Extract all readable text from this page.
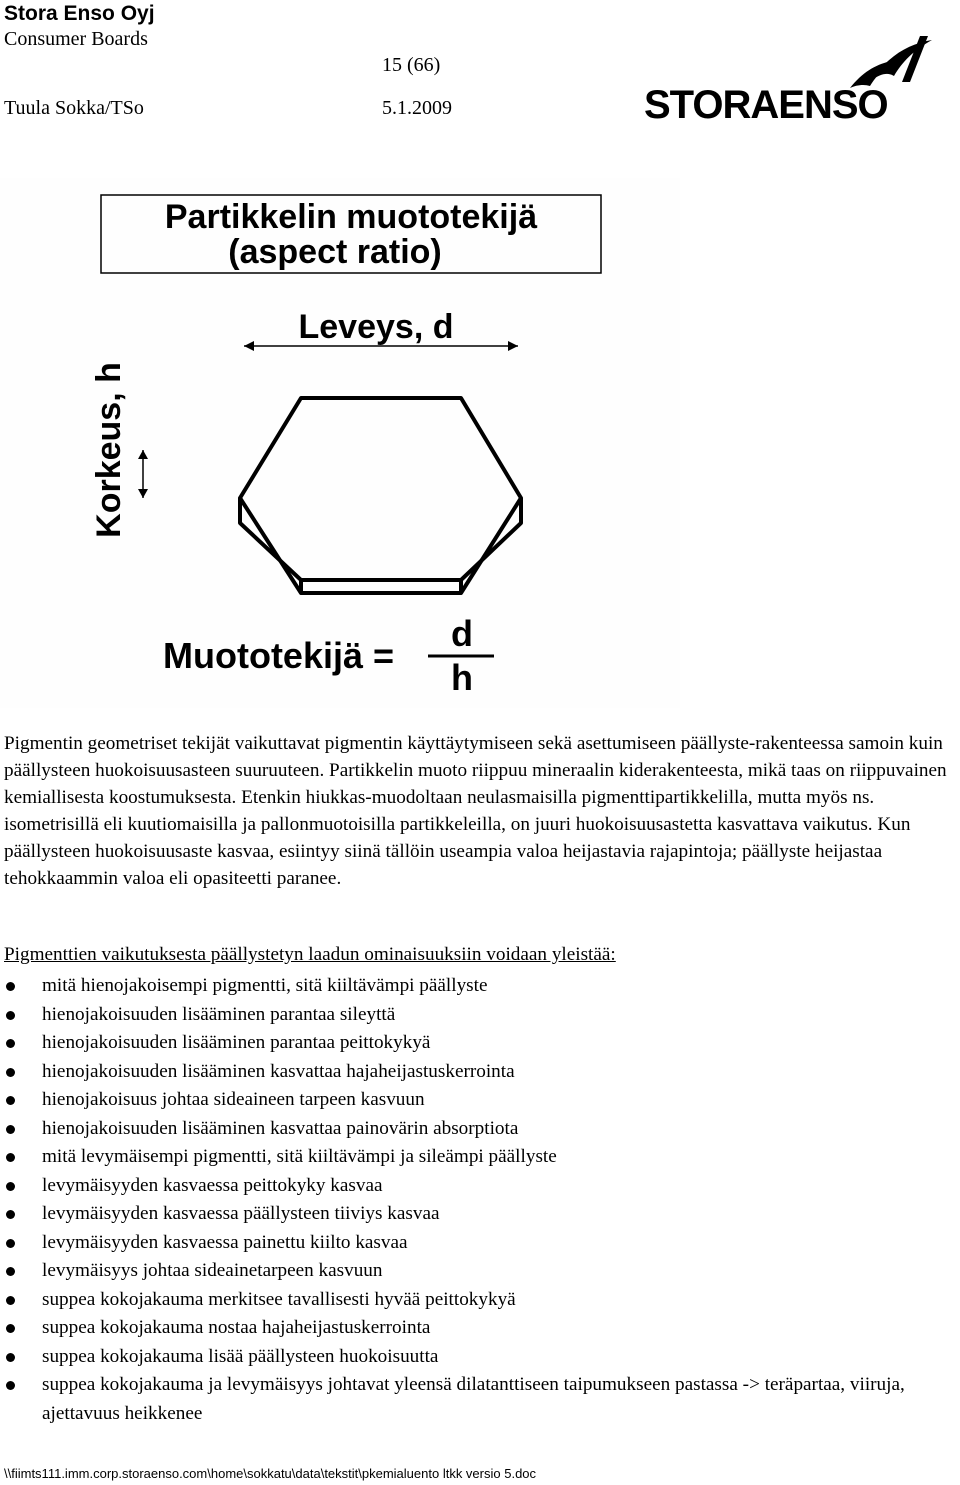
Stora Enso Oyj
Consumer Boards
15 (66)
Tuula Sokka/TSo	5.1.2009	STORAENSO
Partikkelin muototekijä
(aspect ratio)
Leveys, d
Korkeus, h
Muototekijä =
d
h

Pigmentin geometriset tekijät vaikuttavat pigmentin käyttäytymiseen sekä asettumiseen päällyste-rakenteessa samoin kuin päällysteen huokoisuusasteen suuruuteen. Partikkelin muoto riippuu mineraalin kiderakenteesta, mikä taas on riippuvainen kemiallisesta koostumuksesta. Etenkin hiukkas-muodoltaan neulasmaisilla pigmenttipartikkelilla, mutta myös ns. isometrisillä eli kuutiomaisilla ja pallonmuotoisilla partikkeleilla, on juuri huokoisuusastetta kasvattava vaikutus. Kun päällysteen huokoisuusaste kasvaa, esiintyy siinä tällöin useampia valoa heijastavia rajapintoja; päällyste heijastaa tehokkaammin valoa eli opasiteetti paranee.

Pigmenttien vaikutuksesta päällystetyn laadun ominaisuuksiin voidaan yleistää:
mitä hienojakoisempi pigmentti, sitä kiiltävämpi päällyste
hienojakoisuuden lisääminen parantaa sileyttä
hienojakoisuuden lisääminen parantaa peittokykyä
hienojakoisuuden lisääminen kasvattaa hajaheijastuskerrointa
hienojakoisuus johtaa sideaineen tarpeen kasvuun
hienojakoisuuden lisääminen kasvattaa painovärin absorptiota
mitä levymäisempi pigmentti, sitä kiiltävämpi ja sileämpi päällyste
levymäisyyden kasvaessa peittokyky kasvaa
levymäisyyden kasvaessa päällysteen tiiviys kasvaa
levymäisyyden kasvaessa painettu kiilto kasvaa
levymäisyys johtaa sideainetarpeen kasvuun
suppea kokojakauma merkitsee tavallisesti hyvää peittokykyä
suppea kokojakauma nostaa hajaheijastuskerrointa
suppea kokojakauma lisää päällysteen huokoisuutta
suppea kokojakauma ja levymäisyys johtavat yleensä dilatanttiseen taipumukseen pastassa -> teräpartaa, viiruja, ajettavuus heikkenee
\\fiimts111.imm.corp.storaenso.com\home\sokkatu\data\tekstit\pkemialuento ltkk versio 5.doc
